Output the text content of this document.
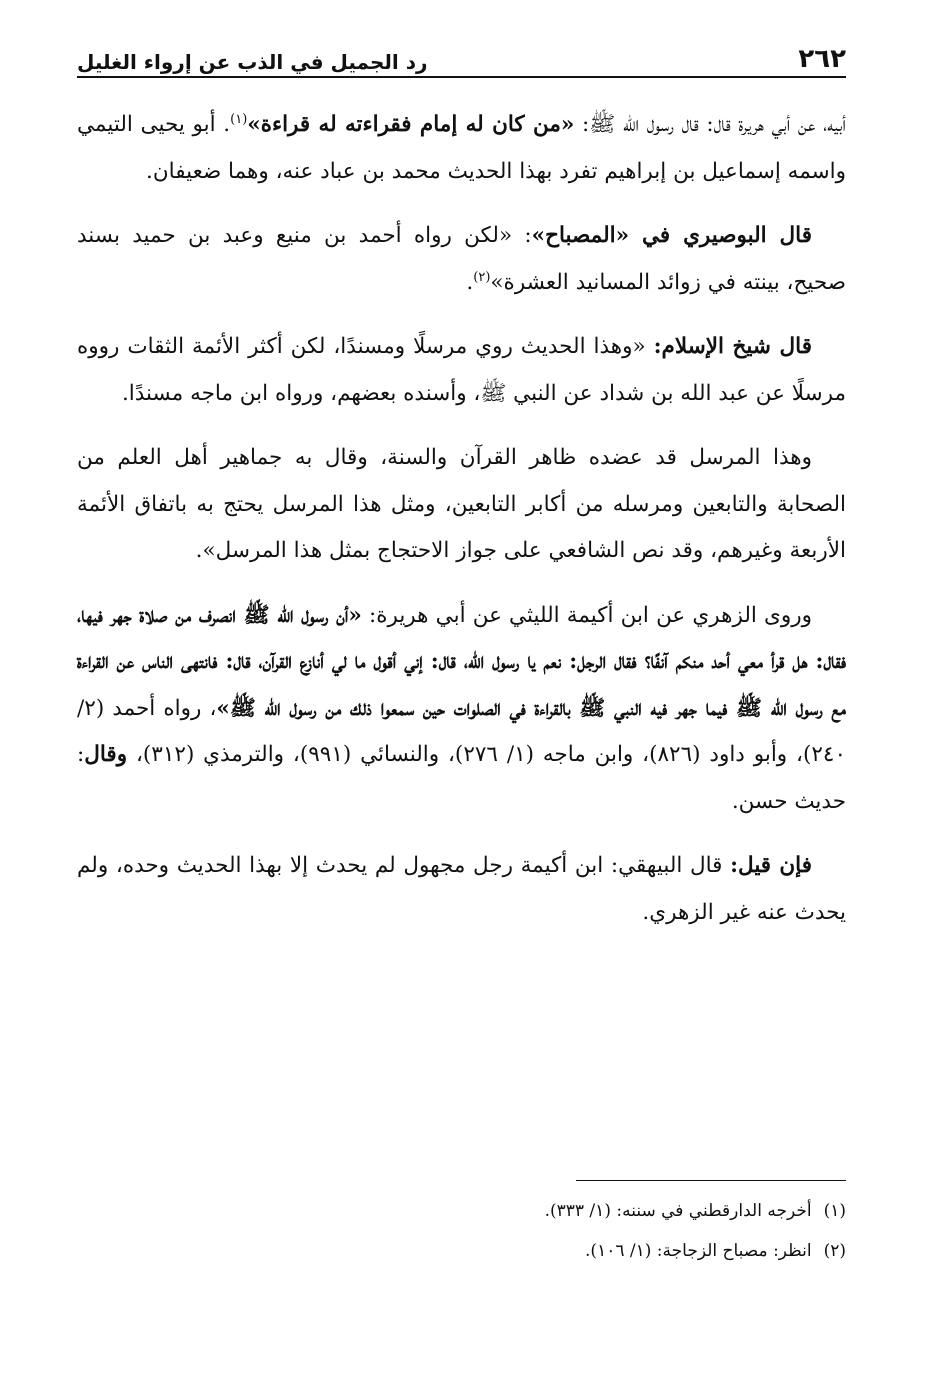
٢٦٢
رد الجميل في الذب عن إرواء الغليل

أبيه، عن أبي هريرة قال: قال رسول الله ﷺ: «من كان له إمام فقراءته له قراءة»$^{(١)}$. أبو يحيى التيمي واسمه إسماعيل بن إبراهيم تفرد بهذا الحديث محمد بن عباد عنه، وهما ضعيفان.

قال البوصيري في «المصباح»: «لكن رواه أحمد بن منيع وعبد بن حميد بسند صحيح، بينته في زوائد المسانيد العشرة»$^{(٢)}$.

قال شيخ الإسلام: «وهذا الحديث روي مرسلًا ومسندًا، لكن أكثر الأئمة الثقات رووه مرسلًا عن عبد الله بن شداد عن النبي ﷺ، وأسنده بعضهم، ورواه ابن ماجه مسندًا.

وهذا المرسل قد عضده ظاهر القرآن والسنة، وقال به جماهير أهل العلم من الصحابة والتابعين ومرسله من أكابر التابعين، ومثل هذا المرسل يحتج به باتفاق الأئمة الأربعة وغيرهم، وقد نص الشافعي على جواز الاحتجاج بمثل هذا المرسل».

وروى الزهري عن ابن أكيمة الليثي عن أبي هريرة: «أن رسول الله ﷺ انصرف من صلاة جهر فيها، فقال: هل قرأ معي أحد منكم آنفًا؟ فقال الرجل: نعم يا رسول الله، قال: إني أقول ما لي أنازع القرآن، قال: فانتهى الناس عن القراءة مع رسول الله ﷺ فيما جهر فيه النبي ﷺ بالقراءة في الصلوات حين سمعوا ذلك من رسول الله ﷺ»، رواه أحمد (٢/ ٢٤٠)، وأبو داود (٨٢٦)، وابن ماجه (١/ ٢٧٦)، والنسائي (٩٩١)، والترمذي (٣١٢)، وقال: حديث حسن.

فإن قيل: قال البيهقي: ابن أكيمة رجل مجهول لم يحدث إلا بهذا الحديث وحده، ولم يحدث عنه غير الزهري.

(١)
أخرجه الدارقطني في سننه: (١/ ٣٣٣).
(٢)
انظر: مصباح الزجاجة: (١/ ١٠٦).
